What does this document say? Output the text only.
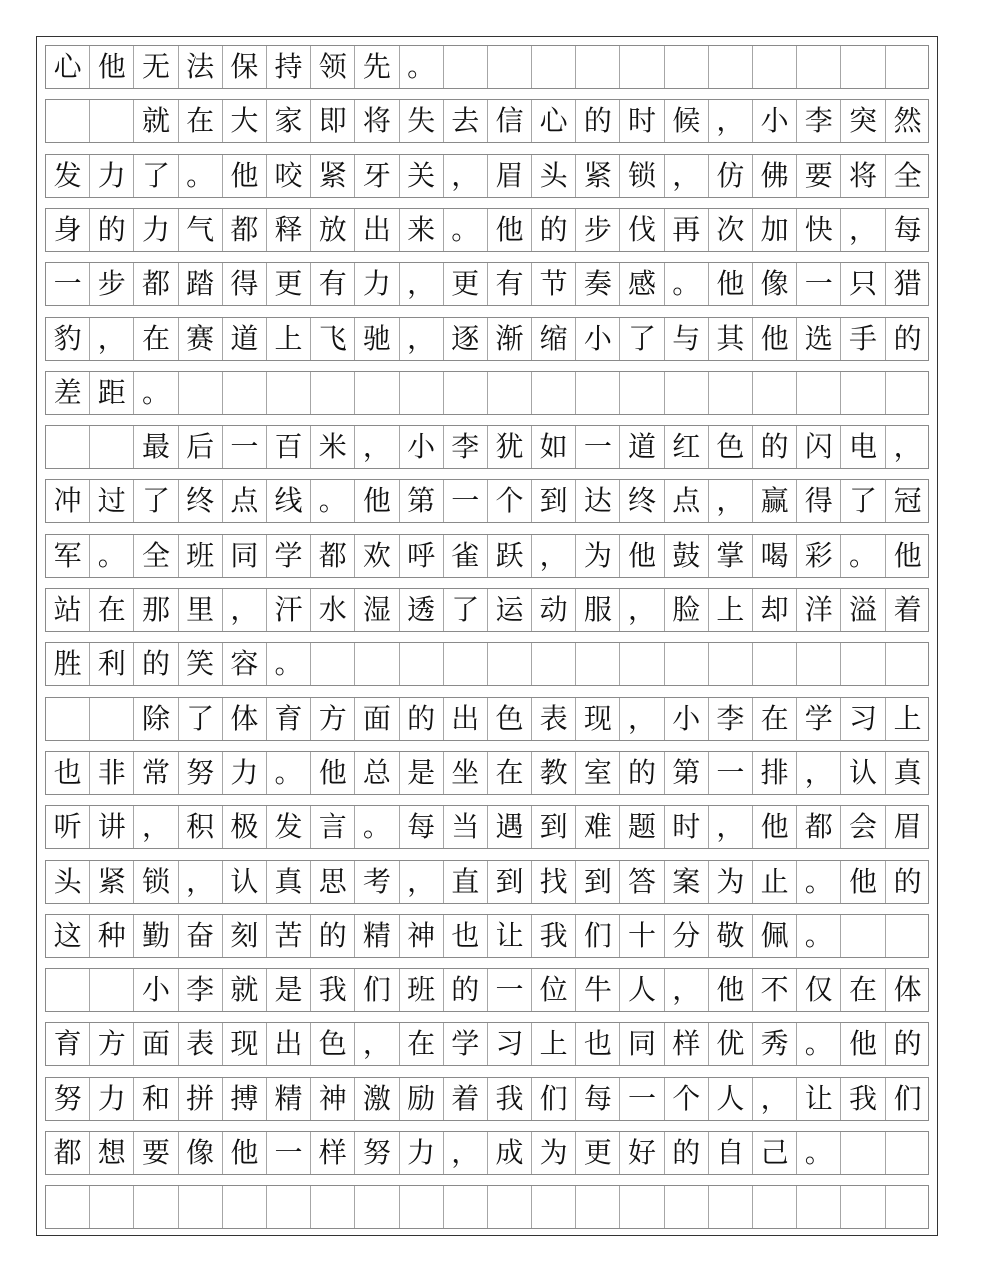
心 他 无 法 保 持 领 先 。
就 在 大 家 即 将 失 去 信 心 的 时 候 ， 小 李 突 然
发 力 了 。 他 咬 紧 牙 关 ， 眉 头 紧 锁 ， 仿 佛 要 将 全
身 的 力 气 都 释 放 出 来 。 他 的 步 伐 再 次 加 快 ， 每
一 步 都 踏 得 更 有 力 ， 更 有 节 奏 感 。 他 像 一 只 猎
豹 ， 在 赛 道 上 飞 驰 ， 逐 渐 缩 小 了 与 其 他 选 手 的
差 距 。
最 后 一 百 米 ， 小 李 犹 如 一 道 红 色 的 闪 电 ，
冲 过 了 终 点 线 。 他 第 一 个 到 达 终 点 ， 赢 得 了 冠
军 。 全 班 同 学 都 欢 呼 雀 跃 ， 为 他 鼓 掌 喝 彩 。 他
站 在 那 里 ， 汗 水 湿 透 了 运 动 服 ， 脸 上 却 洋 溢 着
胜 利 的 笑 容 。
除 了 体 育 方 面 的 出 色 表 现 ， 小 李 在 学 习 上
也 非 常 努 力 。 他 总 是 坐 在 教 室 的 第 一 排 ， 认 真
听 讲 ， 积 极 发 言 。 每 当 遇 到 难 题 时 ， 他 都 会 眉
头 紧 锁 ， 认 真 思 考 ， 直 到 找 到 答 案 为 止 。 他 的
这 种 勤 奋 刻 苦 的 精 神 也 让 我 们 十 分 敬 佩 。
小 李 就 是 我 们 班 的 一 位 牛 人 ， 他 不 仅 在 体
育 方 面 表 现 出 色 ， 在 学 习 上 也 同 样 优 秀 。 他 的
努 力 和 拼 搏 精 神 激 励 着 我 们 每 一 个 人 ， 让 我 们
都 想 要 像 他 一 样 努 力 ， 成 为 更 好 的 自 己 。
